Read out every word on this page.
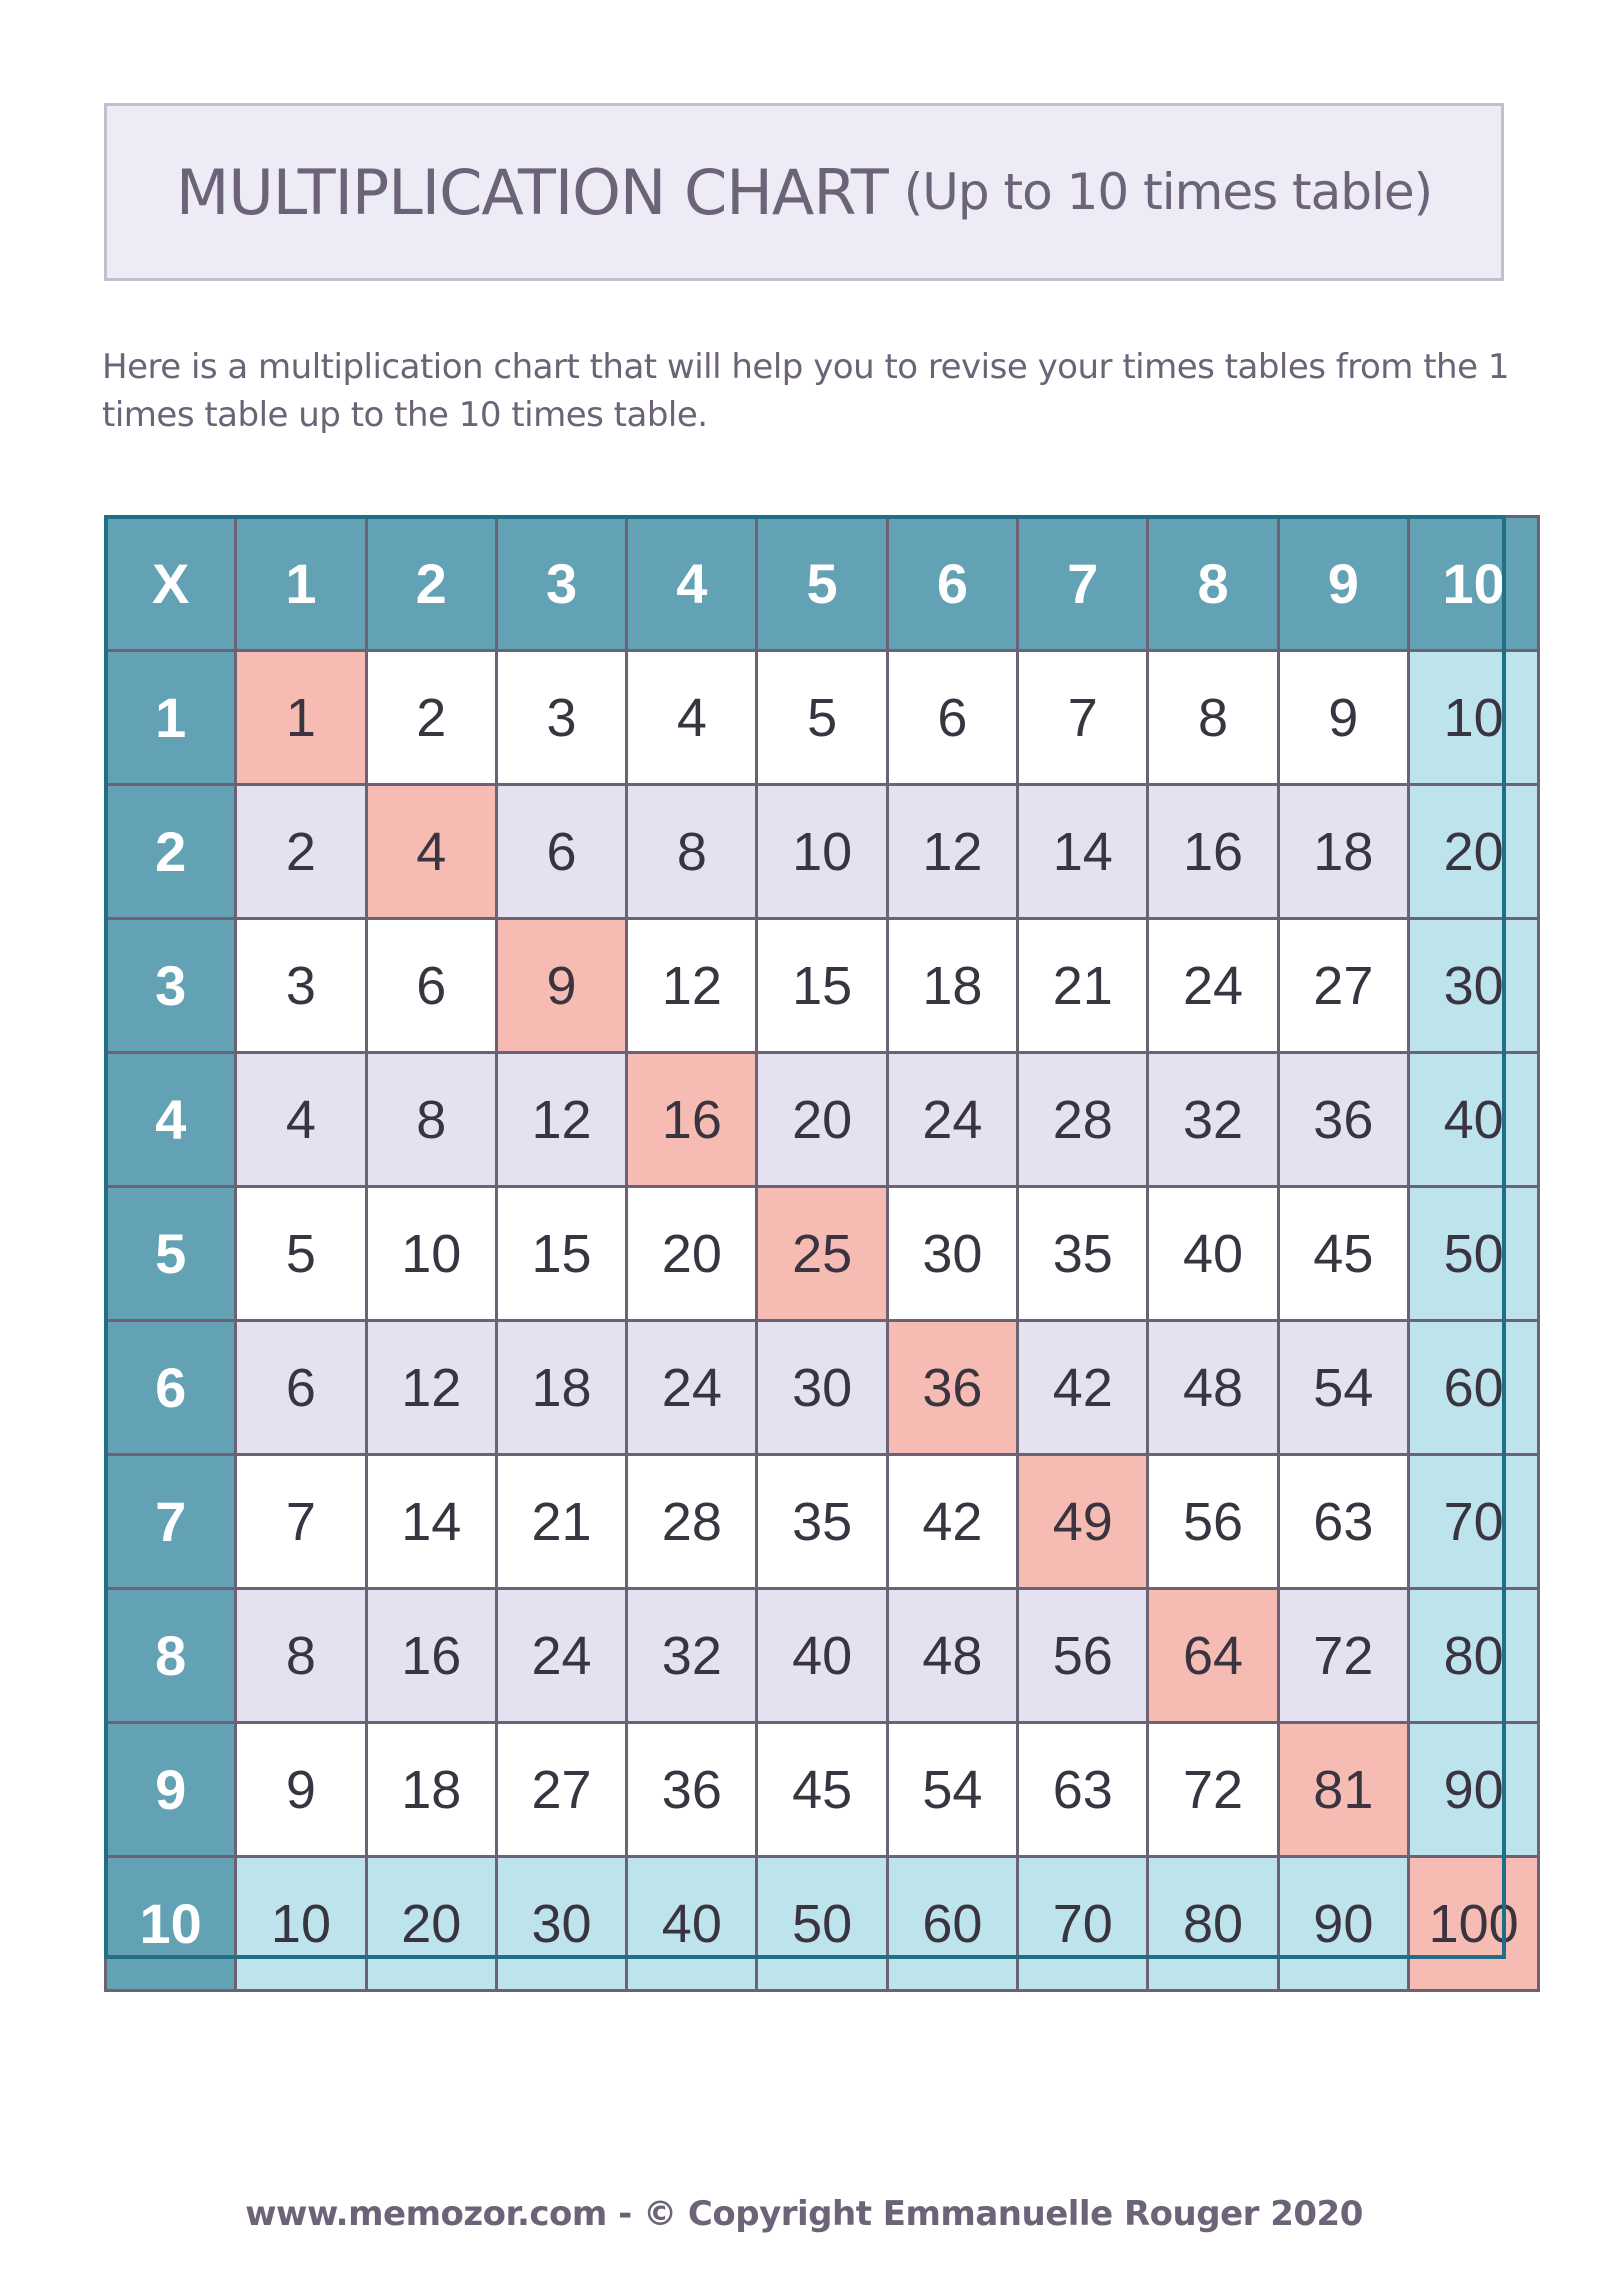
MULTIPLICATION CHART (Up to 10 times table)
Here is a multiplication chart that will help you to revise your times tables from the 1 times table up to the 10 times table.
X	1	2	3	4	5	6	7	8	9	10
1	1	2	3	4	5	6	7	8	9	10
2	2	4	6	8	10	12	14	16	18	20
3	3	6	9	12	15	18	21	24	27	30
4	4	8	12	16	20	24	28	32	36	40
5	5	10	15	20	25	30	35	40	45	50
6	6	12	18	24	30	36	42	48	54	60
7	7	14	21	28	35	42	49	56	63	70
8	8	16	24	32	40	48	56	64	72	80
9	9	18	27	36	45	54	63	72	81	90
10	10	20	30	40	50	60	70	80	90	100
www.memozor.com - © Copyright Emmanuelle Rouger 2020
